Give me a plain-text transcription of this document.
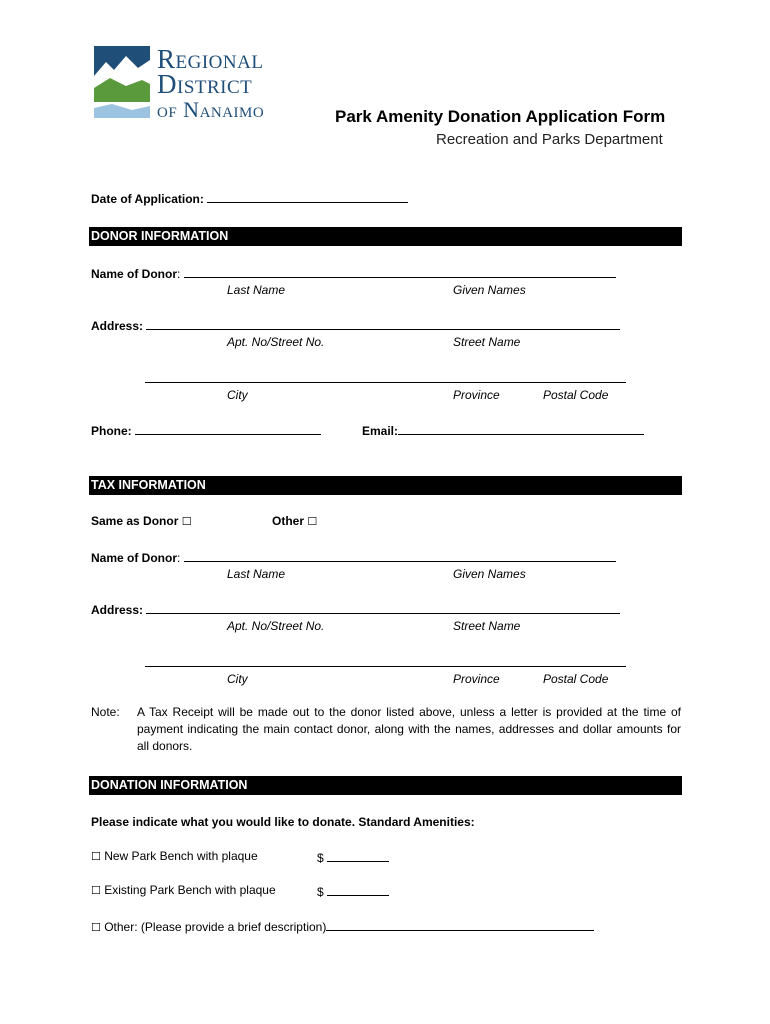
Regional
District
of Nanaimo	Park Amenity Donation Application Form
Recreation and Parks Department
Date of Application:
DONOR INFORMATION
Name of Donor:
Last Name	Given Names
Address:
Apt. No/Street No.	Street Name
City	Province	Postal Code
Phone:	Email:
TAX INFORMATION
Same as Donor ☐	Other ☐
Name of Donor:
Last Name	Given Names
Address:
Apt. No/Street No.	Street Name
City	Province	Postal Code
Note: A Tax Receipt will be made out to the donor listed above, unless a letter is provided at the time of payment indicating the main contact donor, along with the names, addresses and dollar amounts for all donors.
DONATION INFORMATION
Please indicate what you would like to donate. Standard Amenities:
☐ New Park Bench with plaque	$
☐ Existing Park Bench with plaque	$
☐ Other: (Please provide a brief description)
